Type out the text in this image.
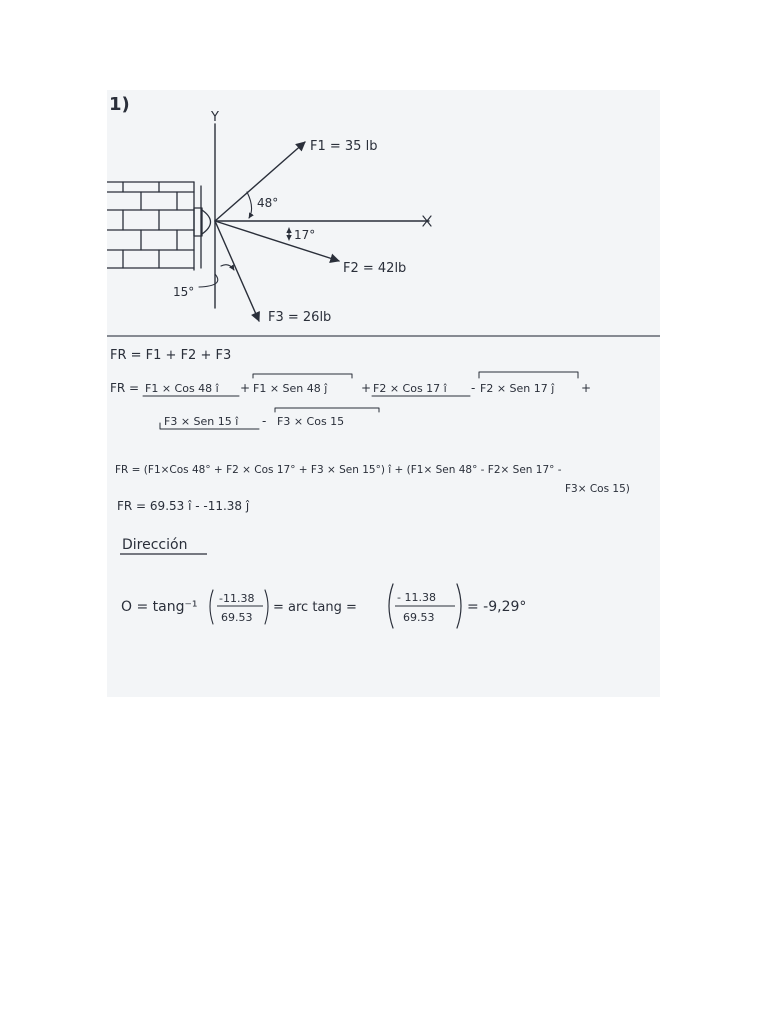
1)
Y
F1 = 35 lb
F2 = 42lb
F3 = 26lb
48°
17°
15°
FR = F1 + F2 + F3
FR = F1 × Cos 48 î + F1 × Sen 48 ĵ	+ F2 × Cos 17 î - F2 × Sen 17 ĵ +
F3 × Sen 15 î - F3 × Cos 15
FR = (F1×Cos 48° + F2 × Cos 17° + F3 × Sen 15°) î + (F1× Sen 48° - F2× Sen 17° -
F3× Cos 15)
FR = 69.53 î - -11.38 ĵ
Dirección
O = tang⁻¹
-11.38
69.53
= arc tang =
- 11.38
69.53
= -9,29°
